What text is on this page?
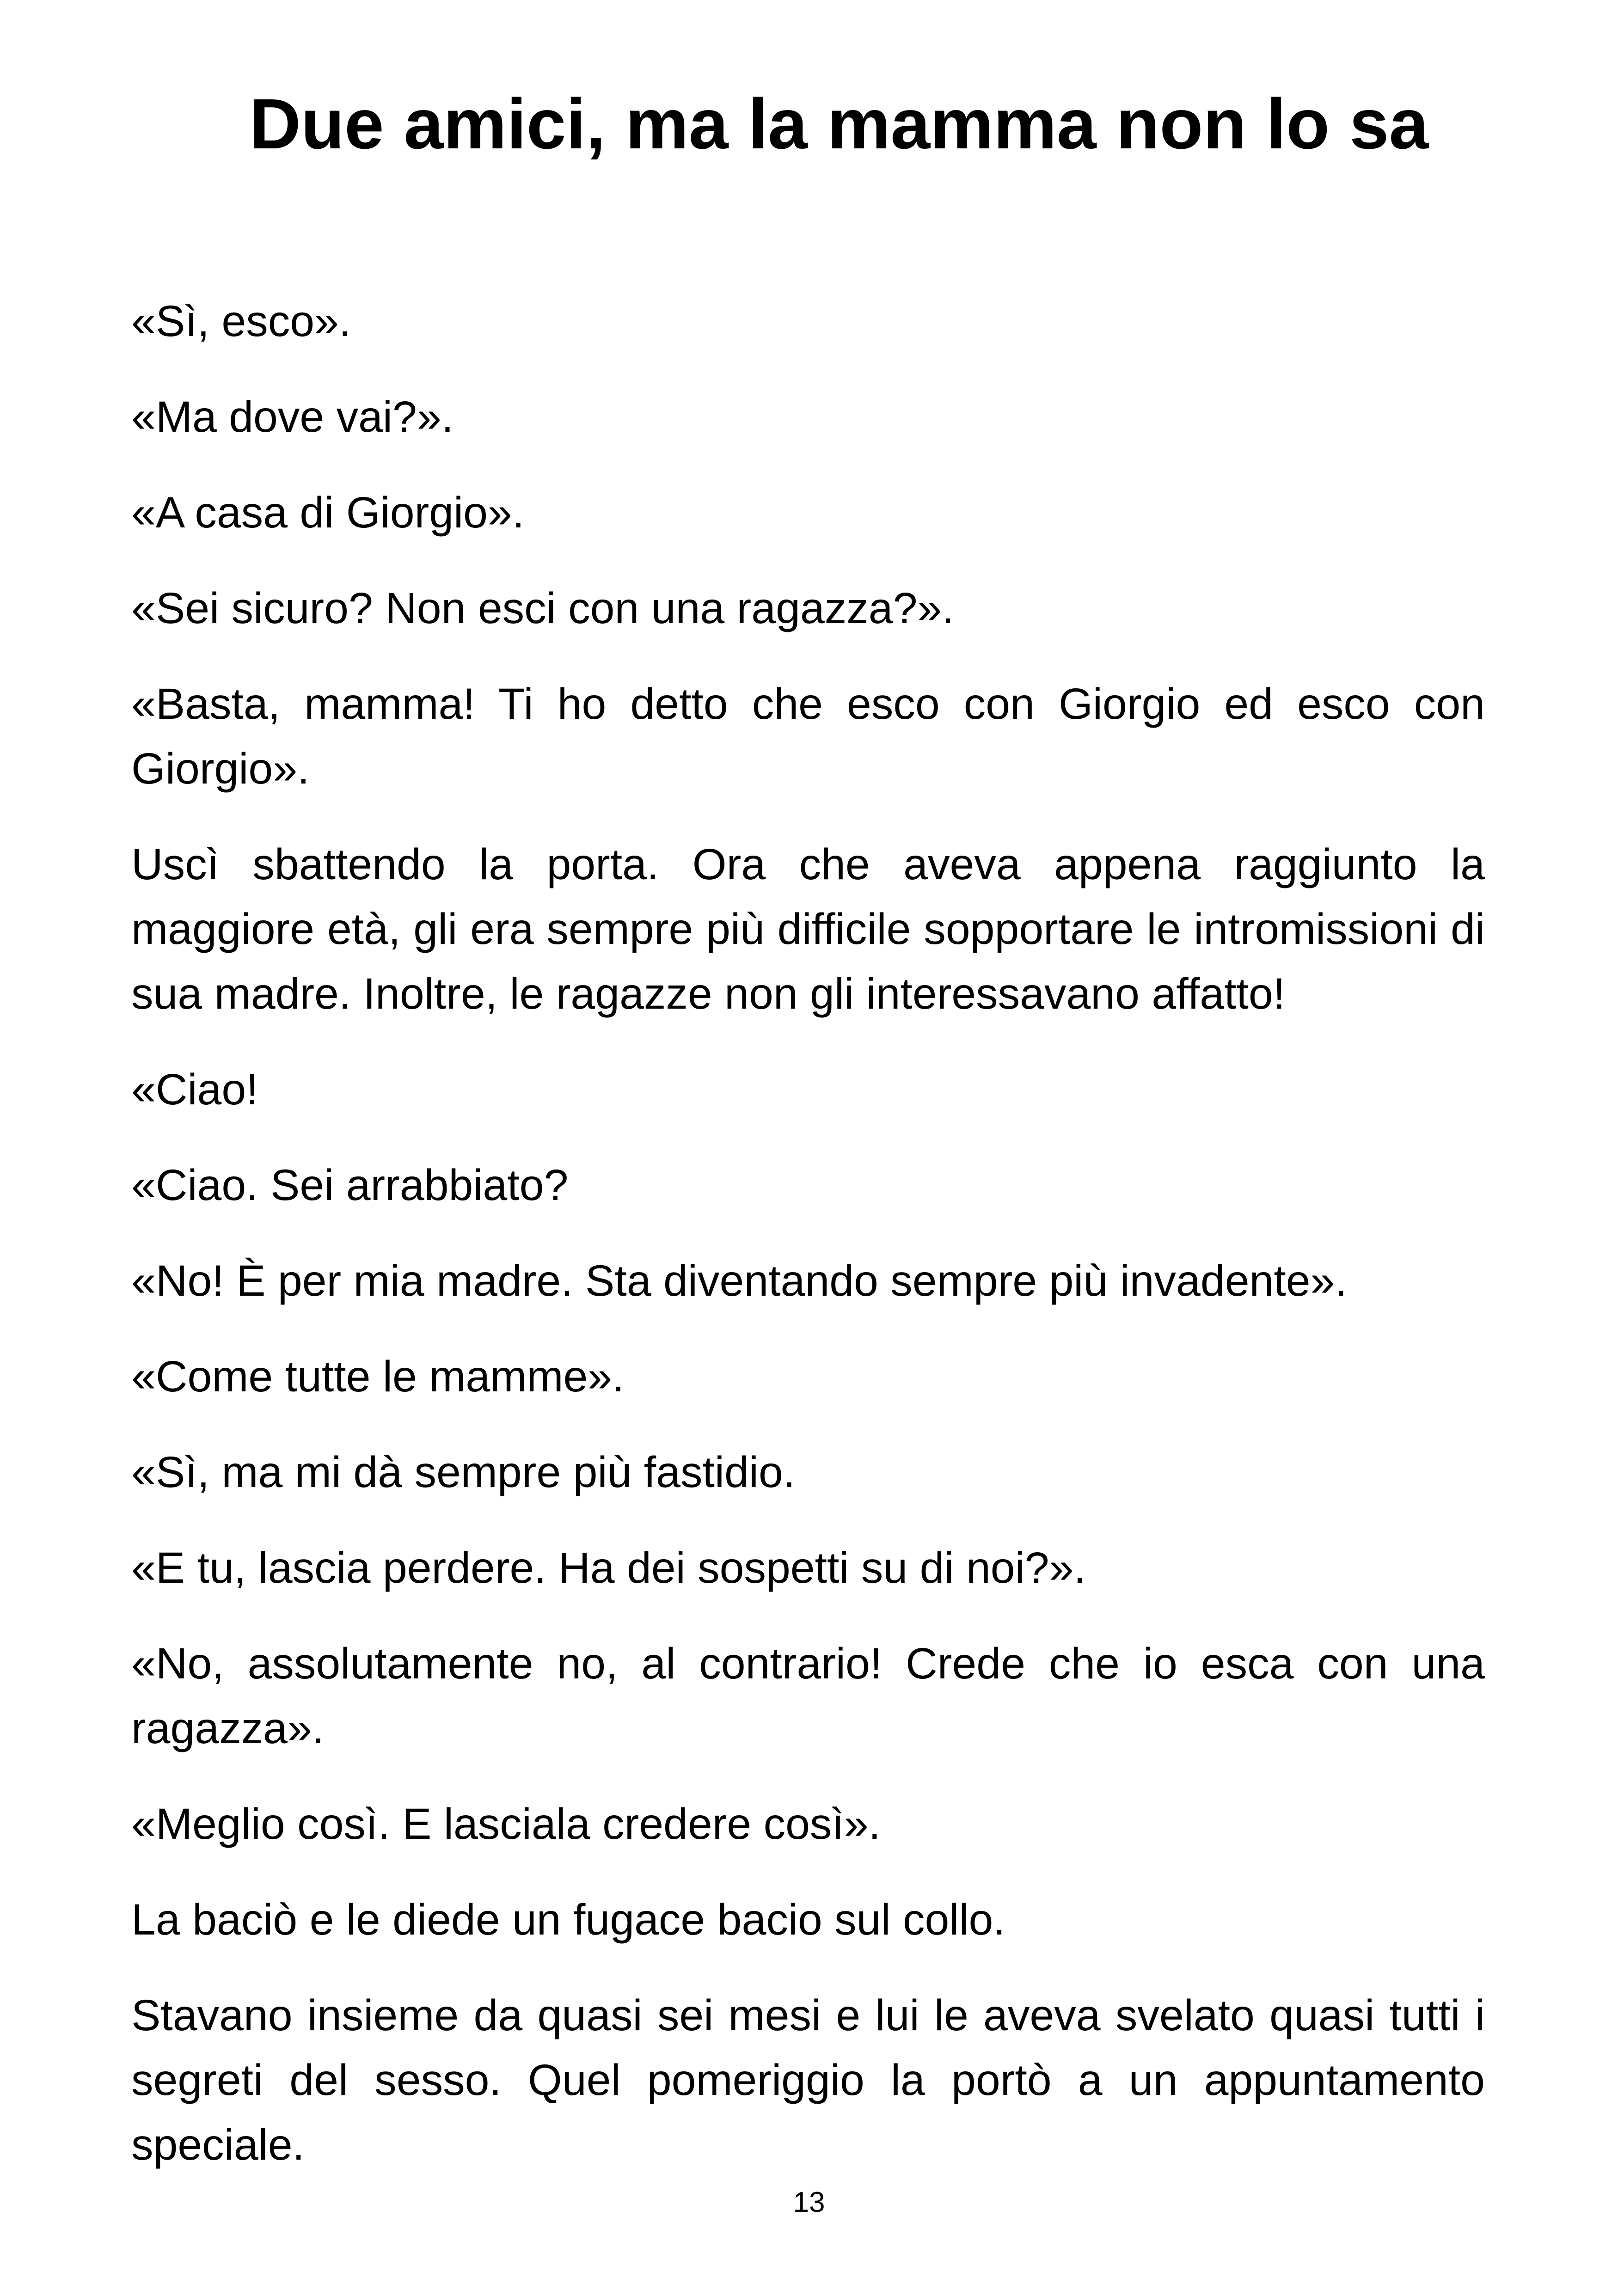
Due amici, ma la mamma non lo sa

«Sì, esco».

«Ma dove vai?».

«A casa di Giorgio».

«Sei sicuro? Non esci con una ragazza?».

«Basta, mamma! Ti ho detto che esco con Giorgio ed esco con Giorgio».

Uscì sbattendo la porta. Ora che aveva appena raggiunto la maggiore età, gli era sempre più difficile sopportare le intromissioni di sua madre. Inoltre, le ragazze non gli interessavano affatto!

«Ciao!

«Ciao. Sei arrabbiato?

«No! È per mia madre. Sta diventando sempre più invadente».

«Come tutte le mamme».

«Sì, ma mi dà sempre più fastidio.

«E tu, lascia perdere. Ha dei sospetti su di noi?».

«No, assolutamente no, al contrario! Crede che io esca con una ragazza».

«Meglio così. E lasciala credere così».

La baciò e le diede un fugace bacio sul collo.

Stavano insieme da quasi sei mesi e lui le aveva svelato quasi tutti i segreti del sesso. Quel pomeriggio la portò a un appuntamento speciale.

13
